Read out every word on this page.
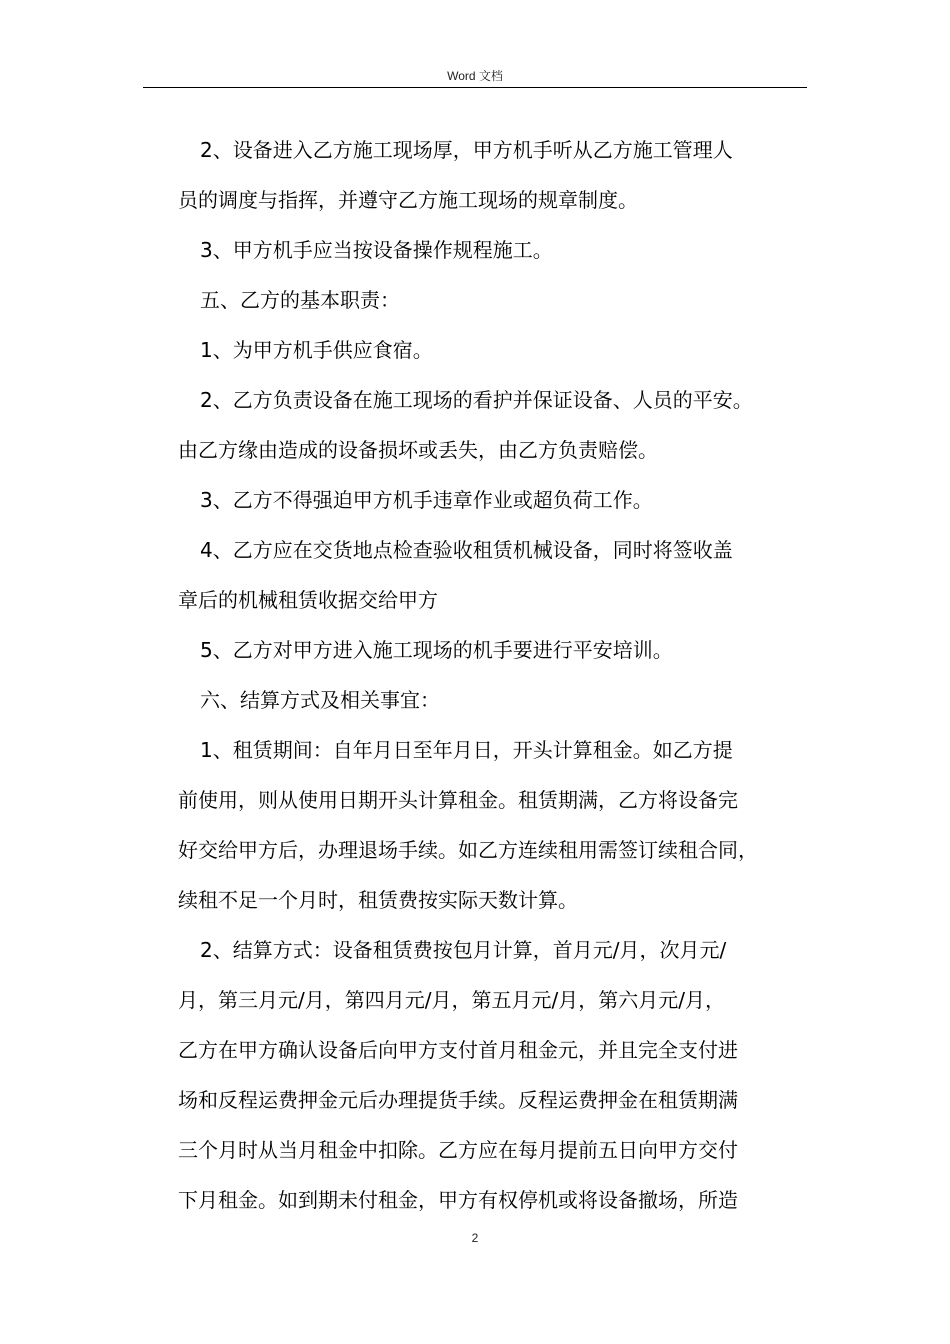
Word 文档
2、设备进入乙方施工现场厚，甲方机手听从乙方施工管理人
员的调度与指挥，并遵守乙方施工现场的规章制度。
3、甲方机手应当按设备操作规程施工。
五、乙方的基本职责：
1、为甲方机手供应食宿。
2、乙方负责设备在施工现场的看护并保证设备、人员的平安。
由乙方缘由造成的设备损坏或丢失，由乙方负责赔偿。
3、乙方不得强迫甲方机手违章作业或超负荷工作。
4、乙方应在交货地点检查验收租赁机械设备，同时将签收盖
章后的机械租赁收据交给甲方
5、乙方对甲方进入施工现场的机手要进行平安培训。
六、结算方式及相关事宜：
1、租赁期间：自年月日至年月日，开头计算租金。如乙方提
前使用，则从使用日期开头计算租金。租赁期满，乙方将设备完
好交给甲方后，办理退场手续。如乙方连续租用需签订续租合同，
续租不足一个月时，租赁费按实际天数计算。
2、结算方式：设备租赁费按包月计算，首月元/月，次月元/
月，第三月元/月，第四月元/月，第五月元/月，第六月元/月，
乙方在甲方确认设备后向甲方支付首月租金元，并且完全支付进
场和反程运费押金元后办理提货手续。反程运费押金在租赁期满
三个月时从当月租金中扣除。乙方应在每月提前五日向甲方交付
下月租金。如到期未付租金，甲方有权停机或将设备撤场，所造
2
